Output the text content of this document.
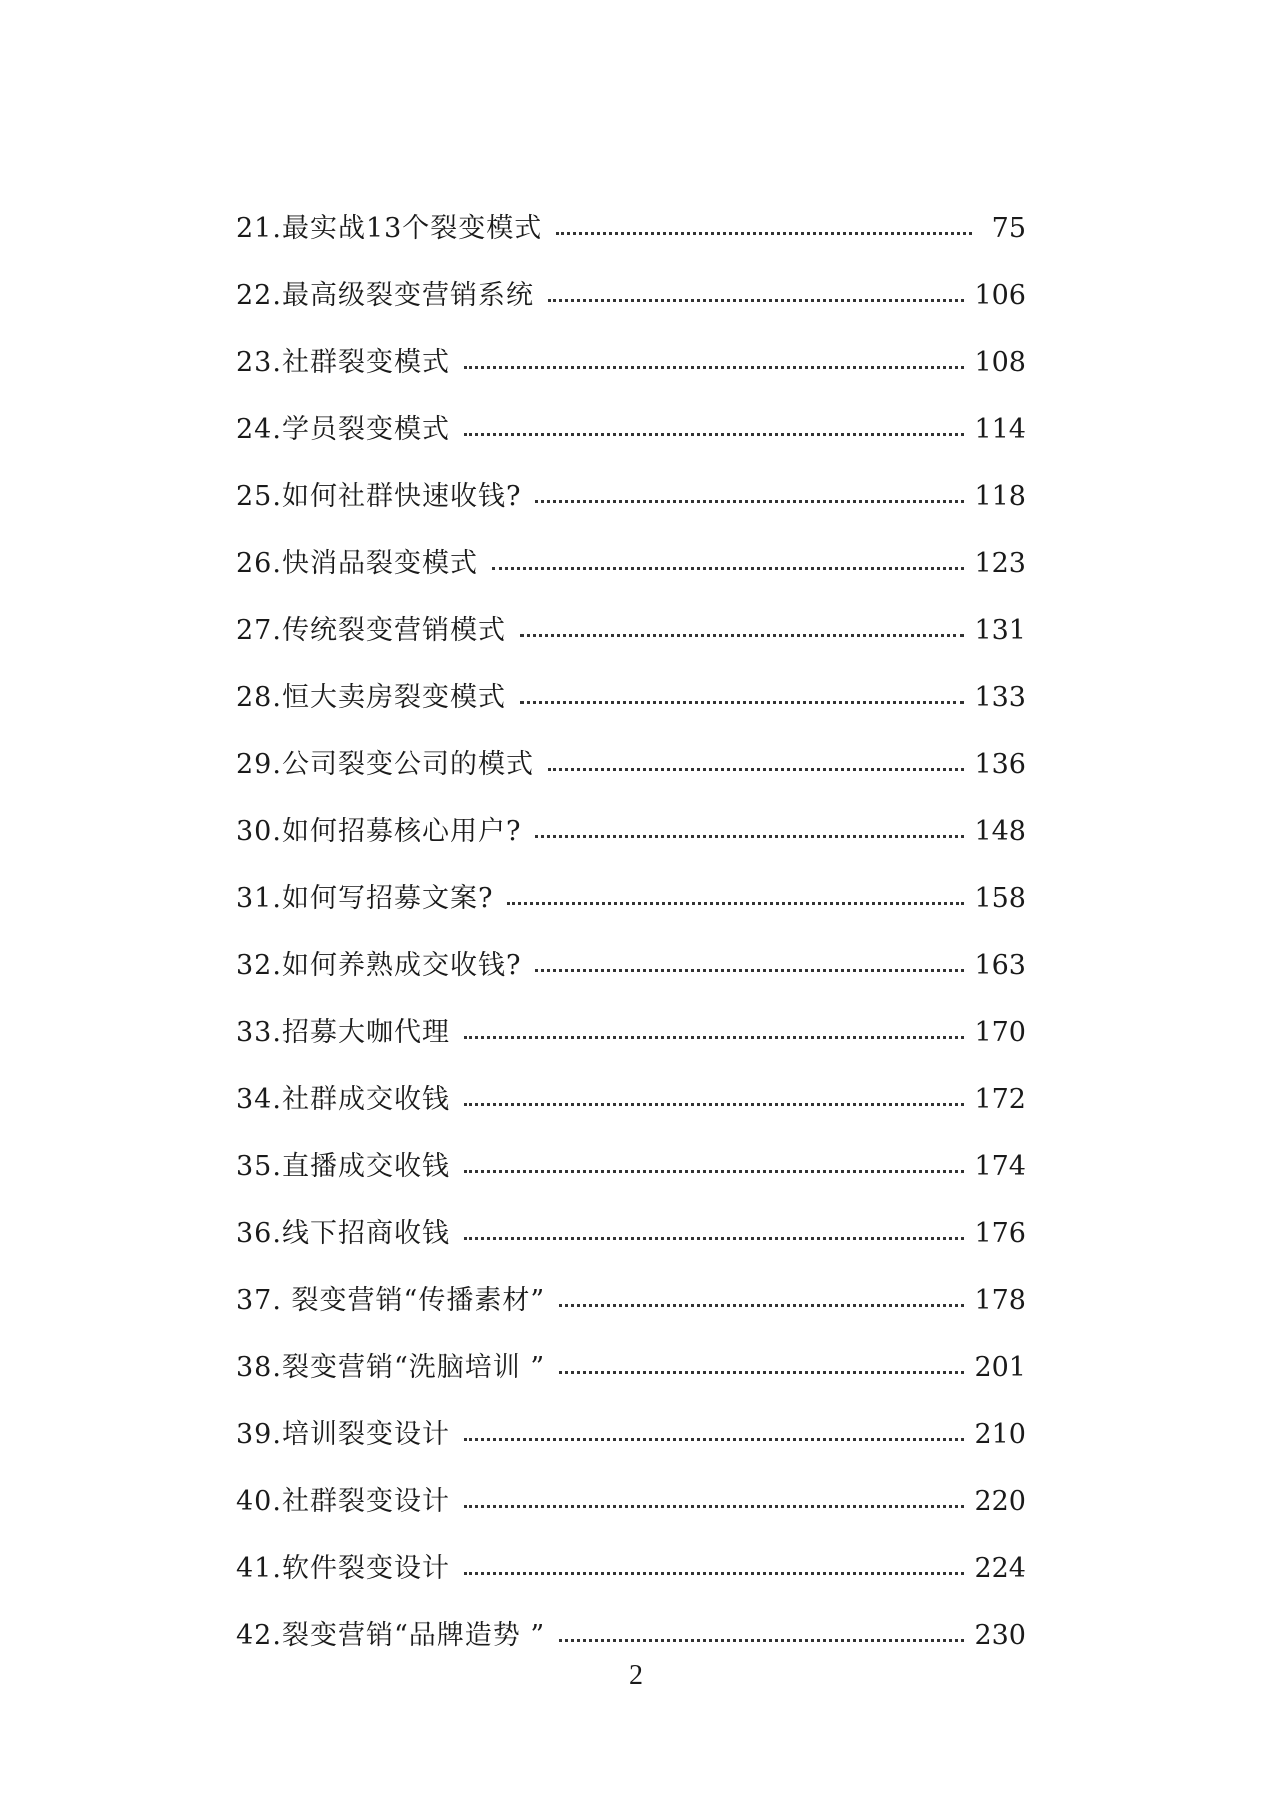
21.最实战13个裂变模式	75
22.最高级裂变营销系统	106
23.社群裂变模式	108
24.学员裂变模式	114
25.如何社群快速收钱?	118
26.快消品裂变模式	123
27.传统裂变营销模式	131
28.恒大卖房裂变模式	133
29.公司裂变公司的模式	136
30.如何招募核心用户?	148
31.如何写招募文案?	158
32.如何养熟成交收钱?	163
33.招募大咖代理	170
34.社群成交收钱	172
35.直播成交收钱	174
36.线下招商收钱	176
37. 裂变营销“传播素材”	178
38.裂变营销“洗脑培训 ”	201
39.培训裂变设计	210
40.社群裂变设计	220
41.软件裂变设计	224
42.裂变营销“品牌造势 ”	230
2
